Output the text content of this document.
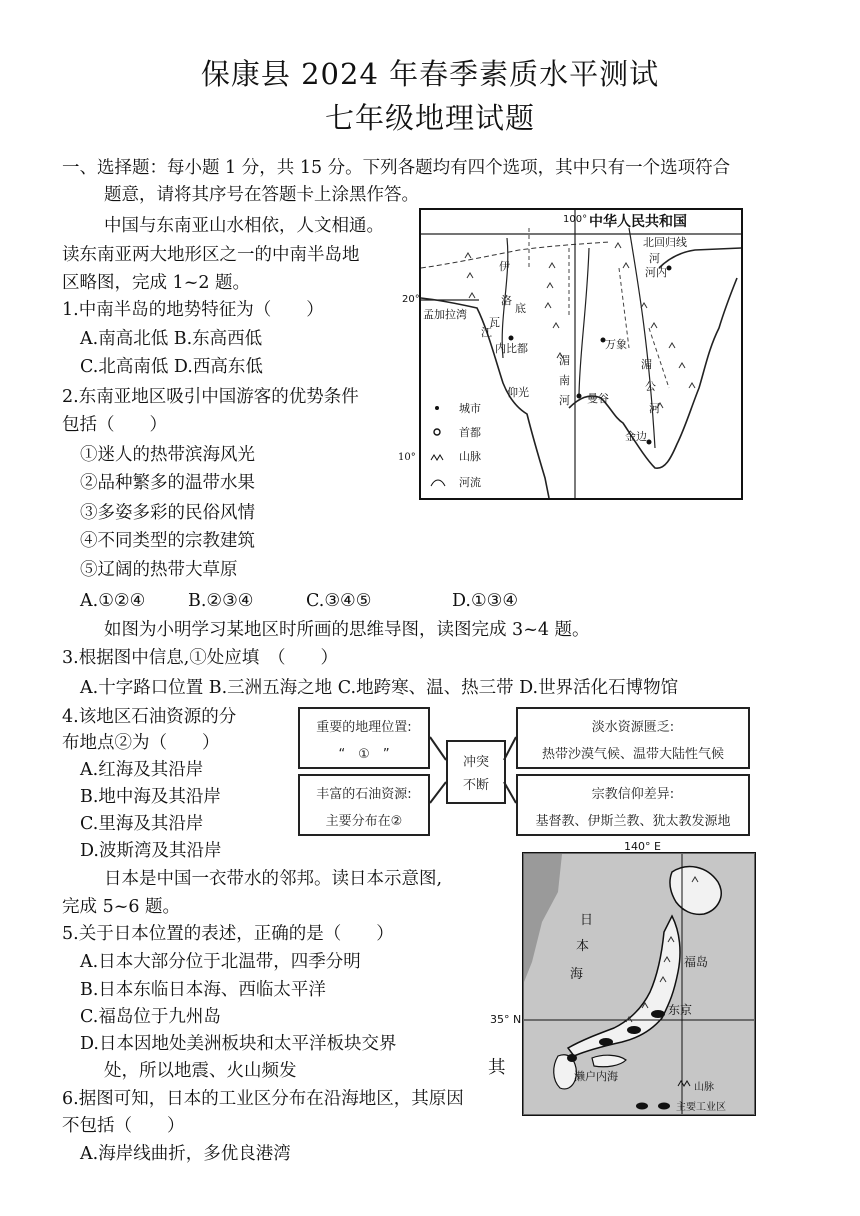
保康县 2024 年春季素质水平测试
七年级地理试题
一、选择题：每小题 1 分，共 15 分。下列各题均有四个选项，其中只有一个选项符合
题意，请将其序号在答题卡上涂黑作答。
中国与东南亚山水相依，人文相通。
读东南亚两大地形区之一的中南半岛地
区略图，完成 1~2 题。
1.中南半岛的地势特征为（　　）
A.南高北低 B.东高西低
C.北高南低 D.西高东低
2.东南亚地区吸引中国游客的优势条件
包括（　　）
①迷人的热带滨海风光
②品种繁多的温带水果
③多姿多彩的民俗风情
④不同类型的宗教建筑
⑤辽阔的热带大草原
A.①②④ B.②③④	C.③④⑤	D.①③④
如图为小明学习某地区时所画的思维导图，读图完成 3~4 题。
3.根据图中信息,①处应填　（　　）
A.十字路口位置 B.三洲五海之地 C.地跨寒、温、热三带 D.世界活化石博物馆
4.该地区石油资源的分
布地点②为（　　）
A.红海及其沿岸
B.地中海及其沿岸
C.里海及其沿岸
D.波斯湾及其沿岸
重要的地理位置:
“　①　”
丰富的石油资源:
主要分布在②
冲突
不断
淡水资源匮乏:
热带沙漠气候、温带大陆性气候
宗教信仰差异:
基督教、伊斯兰教、犹太教发源地
日本是中国一衣带水的邻邦。读日本示意图,
完成 5~6 题。
5.关于日本位置的表述，正确的是（　　）
A.日本大部分位于北温带，四季分明
B.日本东临日本海、西临太平洋
C.福岛位于九州岛
D.日本因地处美洲板块和太平洋板块交界
处，所以地震、火山频发	其
6.据图可知，日本的工业区分布在沿海地区，其原因
不包括（　　）
A.海岸线曲折，多优良港湾
中华人民共和国
北回归线
100°
20°
孟加拉湾
伊
洛
瓦
底
江
湄
南
河
湄
公
河
河
内比都
仰光	曼谷
万象
金边
河内
城市
首都
山脉
河流
10°
日
本
海
福岛
东京
濑户内海
山脉
主要工业区
140° E
35° N
